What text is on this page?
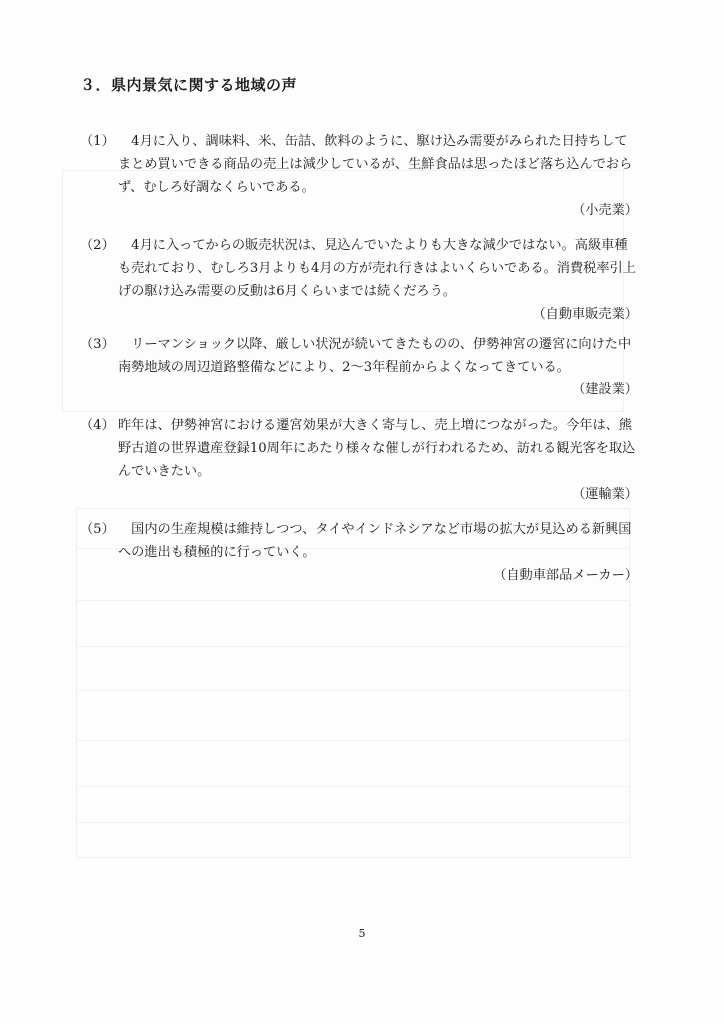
３．県内景気に関する地域の声
（1） 　4月に入り、調味料、米、缶詰、飲料のように、駆け込み需要がみられた日持ちしてまとめ買いできる商品の売上は減少しているが、生鮮食品は思ったほど落ち込んでおらず、むしろ好調なくらいである。
（小売業）
（2） 　4月に入ってからの販売状況は、見込んでいたよりも大きな減少ではない。高級車種も売れており、むしろ3月よりも4月の方が売れ行きはよいくらいである。消費税率引上げの駆け込み需要の反動は6月くらいまでは続くだろう。
（自動車販売業）
（3） 　リーマンショック以降、厳しい状況が続いてきたものの、伊勢神宮の遷宮に向けた中南勢地域の周辺道路整備などにより、2～3年程前からよくなってきている。
（建設業）
（4） 昨年は、伊勢神宮における遷宮効果が大きく寄与し、売上増につながった。今年は、熊野古道の世界遺産登録10周年にあたり様々な催しが行われるため、訪れる観光客を取込んでいきたい。
（運輸業）
（5） 　国内の生産規模は維持しつつ、タイやインドネシアなど市場の拡大が見込める新興国への進出も積極的に行っていく。
（自動車部品メーカー）
5
